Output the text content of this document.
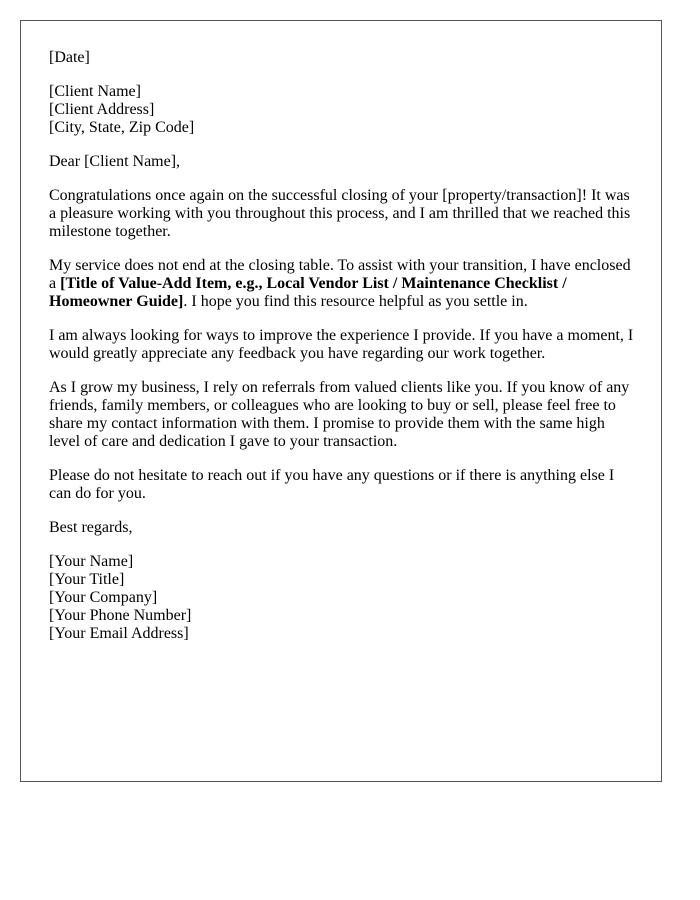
[Date]

[Client Name]
[Client Address]
[City, State, Zip Code]

Dear [Client Name],

Congratulations once again on the successful closing of your [property/transaction]! It was a pleasure working with you throughout this process, and I am thrilled that we reached this milestone together.

My service does not end at the closing table. To assist with your transition, I have enclosed a [Title of Value-Add Item, e.g., Local Vendor List / Maintenance Checklist / Homeowner Guide]. I hope you find this resource helpful as you settle in.

I am always looking for ways to improve the experience I provide. If you have a moment, I would greatly appreciate any feedback you have regarding our work together.

As I grow my business, I rely on referrals from valued clients like you. If you know of any friends, family members, or colleagues who are looking to buy or sell, please feel free to share my contact information with them. I promise to provide them with the same high level of care and dedication I gave to your transaction.

Please do not hesitate to reach out if you have any questions or if there is anything else I can do for you.

Best regards,

[Your Name]
[Your Title]
[Your Company]
[Your Phone Number]
[Your Email Address]
